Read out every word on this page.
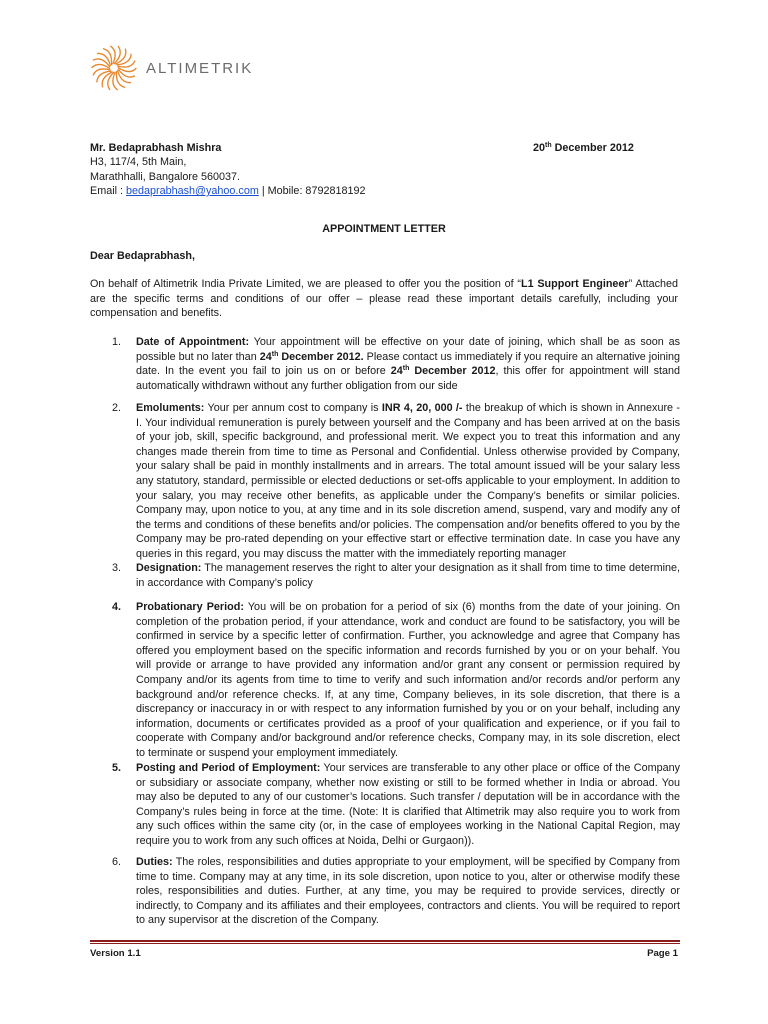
ALTIMETRIK
Mr. Bedaprabhash Mishra
H3, 117/4, 5th Main,
Marathhalli, Bangalore 560037.
Email : bedaprabhash@yahoo.com | Mobile: 8792818192
20th December 2012
APPOINTMENT LETTER
Dear Bedaprabhash,
On behalf of Altimetrik India Private Limited, we are pleased to offer you the position of “L1 Support Engineer” Attached are the specific terms and conditions of our offer – please read these important details carefully, including your compensation and benefits.
1. Date of Appointment: Your appointment will be effective on your date of joining, which shall be as soon as possible but no later than 24th December 2012. Please contact us immediately if you require an alternative joining date. In the event you fail to join us on or before 24th December 2012, this offer for appointment will stand automatically withdrawn without any further obligation from our side
2. Emoluments: Your per annum cost to company is INR 4, 20, 000 /- the breakup of which is shown in Annexure - I. Your individual remuneration is purely between yourself and the Company and has been arrived at on the basis of your job, skill, specific background, and professional merit. We expect you to treat this information and any changes made therein from time to time as Personal and Confidential. Unless otherwise provided by Company, your salary shall be paid in monthly installments and in arrears. The total amount issued will be your salary less any statutory, standard, permissible or elected deductions or set-offs applicable to your employment. In addition to your salary, you may receive other benefits, as applicable under the Company’s benefits or similar policies. Company may, upon notice to you, at any time and in its sole discretion amend, suspend, vary and modify any of the terms and conditions of these benefits and/or policies. The compensation and/or benefits offered to you by the Company may be pro-rated depending on your effective start or effective termination date. In case you have any queries in this regard, you may discuss the matter with the immediately reporting manager
3. Designation: The management reserves the right to alter your designation as it shall from time to time determine, in accordance with Company’s policy
4. Probationary Period: You will be on probation for a period of six (6) months from the date of your joining. On completion of the probation period, if your attendance, work and conduct are found to be satisfactory, you will be confirmed in service by a specific letter of confirmation. Further, you acknowledge and agree that Company has offered you employment based on the specific information and records furnished by you or on your behalf. You will provide or arrange to have provided any information and/or grant any consent or permission required by Company and/or its agents from time to time to verify and such information and/or records and/or perform any background and/or reference checks. If, at any time, Company believes, in its sole discretion, that there is a discrepancy or inaccuracy in or with respect to any information furnished by you or on your behalf, including any information, documents or certificates provided as a proof of your qualification and experience, or if you fail to cooperate with Company and/or background and/or reference checks, Company may, in its sole discretion, elect to terminate or suspend your employment immediately.
5. Posting and Period of Employment: Your services are transferable to any other place or office of the Company or subsidiary or associate company, whether now existing or still to be formed whether in India or abroad. You may also be deputed to any of our customer’s locations. Such transfer / deputation will be in accordance with the Company’s rules being in force at the time. (Note: It is clarified that Altimetrik may also require you to work from any such offices within the same city (or, in the case of employees working in the National Capital Region, may require you to work from any such offices at Noida, Delhi or Gurgaon)).
6. Duties: The roles, responsibilities and duties appropriate to your employment, will be specified by Company from time to time. Company may at any time, in its sole discretion, upon notice to you, alter or otherwise modify these roles, responsibilities and duties. Further, at any time, you may be required to provide services, directly or indirectly, to Company and its affiliates and their employees, contractors and clients. You will be required to report to any supervisor at the discretion of the Company.
Version 1.1	Page 1
